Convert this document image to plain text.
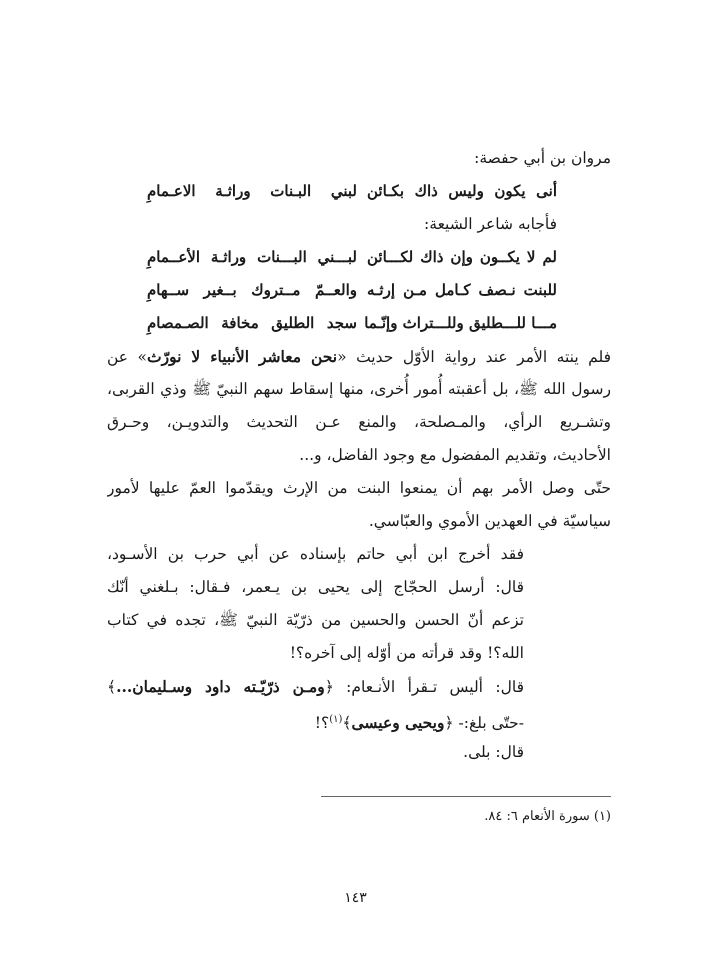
مروان بن أبي حفصة:
أنى يكون وليس ذاك بكـائن
لبني البـنات وراثـة الاعـمامِ
فأجابه شاعر الشيعة:
لم لا يكــون وإن ذاك لكـــائن
لبـــني البـــنات وراثـة الأعــمامِ
للبنت نـصف كـامل مـن إرثـه
والعــمّ مــتروك بــغير ســهامِ
مـــا للـــطليق وللـــتراث وإنّـما
سجد الطليق مخافة الصـمصامِ
فلم ينته الأمر عند رواية الأوّل حديث «نحن معاشر الأنبياء لا نورّث» عن
رسول الله ﷺ، بل أعقبته أُمور أُخرى، منها إسقاط سهم النبيّ ﷺ وذي القربى،
وتشـريع الرأي، والمـصلحة، والمنع عـن التحديث والتدويـن، وحـرق
الأحاديث، وتقديم المفضول مع وجود الفاضل، و...
حتّى وصل الأمر بهم أن يمنعوا البنت من الإرث ويقدّموا العمّ عليها لأمور
سياسيّة في العهدين الأموي والعبّاسي.
فقد أخرج ابن أبي حاتم بإسناده عن أبي حرب بن الأسـود،
قال: أرسل الحجّاج إلى يحيى بن يـعمر، فـقال: بـلغني أنّك
تزعم أنّ الحسن والحسين من ذرّيّة النبيّ ﷺ، تجده في كتاب
الله؟! وقد قرأته من أوّله إلى آخره؟!
قال: أليس تـقرأ الأنـعام: ﴿ومـن ذرّيّـته داود وسـليمان...﴾
-حتّى بلغ:- ﴿ويحيى وعيسى﴾$^{(١)}$؟!
قال: بلى.
(١) سورة الأنعام ٦: ٨٤.
١٤٣
